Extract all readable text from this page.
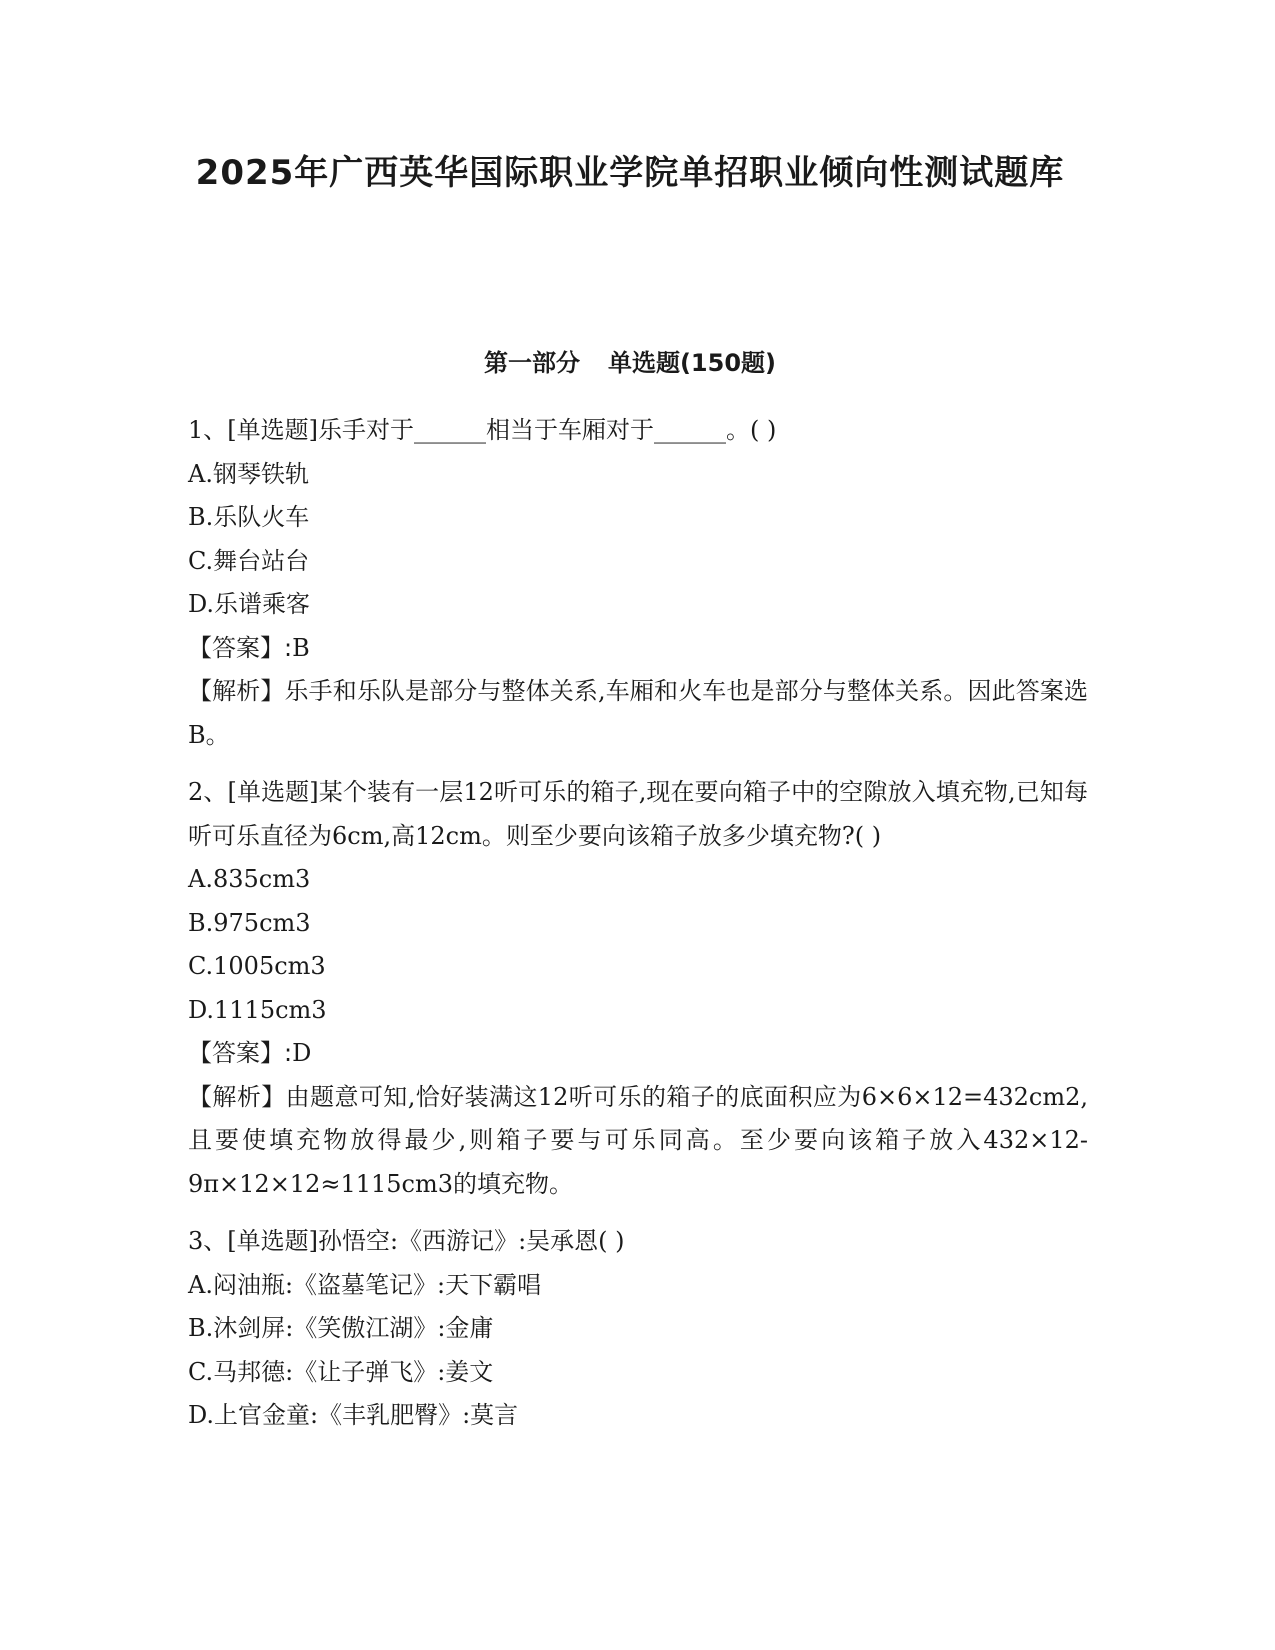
2025年广西英华国际职业学院单招职业倾向性测试题库
第一部分 单选题(150题)

1、[单选题]乐手对于______相当于车厢对于______。( )

A.钢琴铁轨

B.乐队火车

C.舞台站台

D.乐谱乘客

【答案】:B

【解析】乐手和乐队是部分与整体关系,车厢和火车也是部分与整体关系。因此答案选B。

2、[单选题]某个装有一层12听可乐的箱子,现在要向箱子中的空隙放入填充物,已知每听可乐直径为6cm,高12cm。则至少要向该箱子放多少填充物?( )

A.835cm3

B.975cm3

C.1005cm3

D.1115cm3

【答案】:D

【解析】由题意可知,恰好装满这12听可乐的箱子的底面积应为6×6×12=432cm2,且要使填充物放得最少,则箱子要与可乐同高。至少要向该箱子放入432×12-9π×12×12≈1115cm3的填充物。

3、[单选题]孙悟空:《西游记》:吴承恩( )

A.闷油瓶:《盗墓笔记》:天下霸唱

B.沐剑屏:《笑傲江湖》:金庸

C.马邦德:《让子弹飞》:姜文

D.上官金童:《丰乳肥臀》:莫言
